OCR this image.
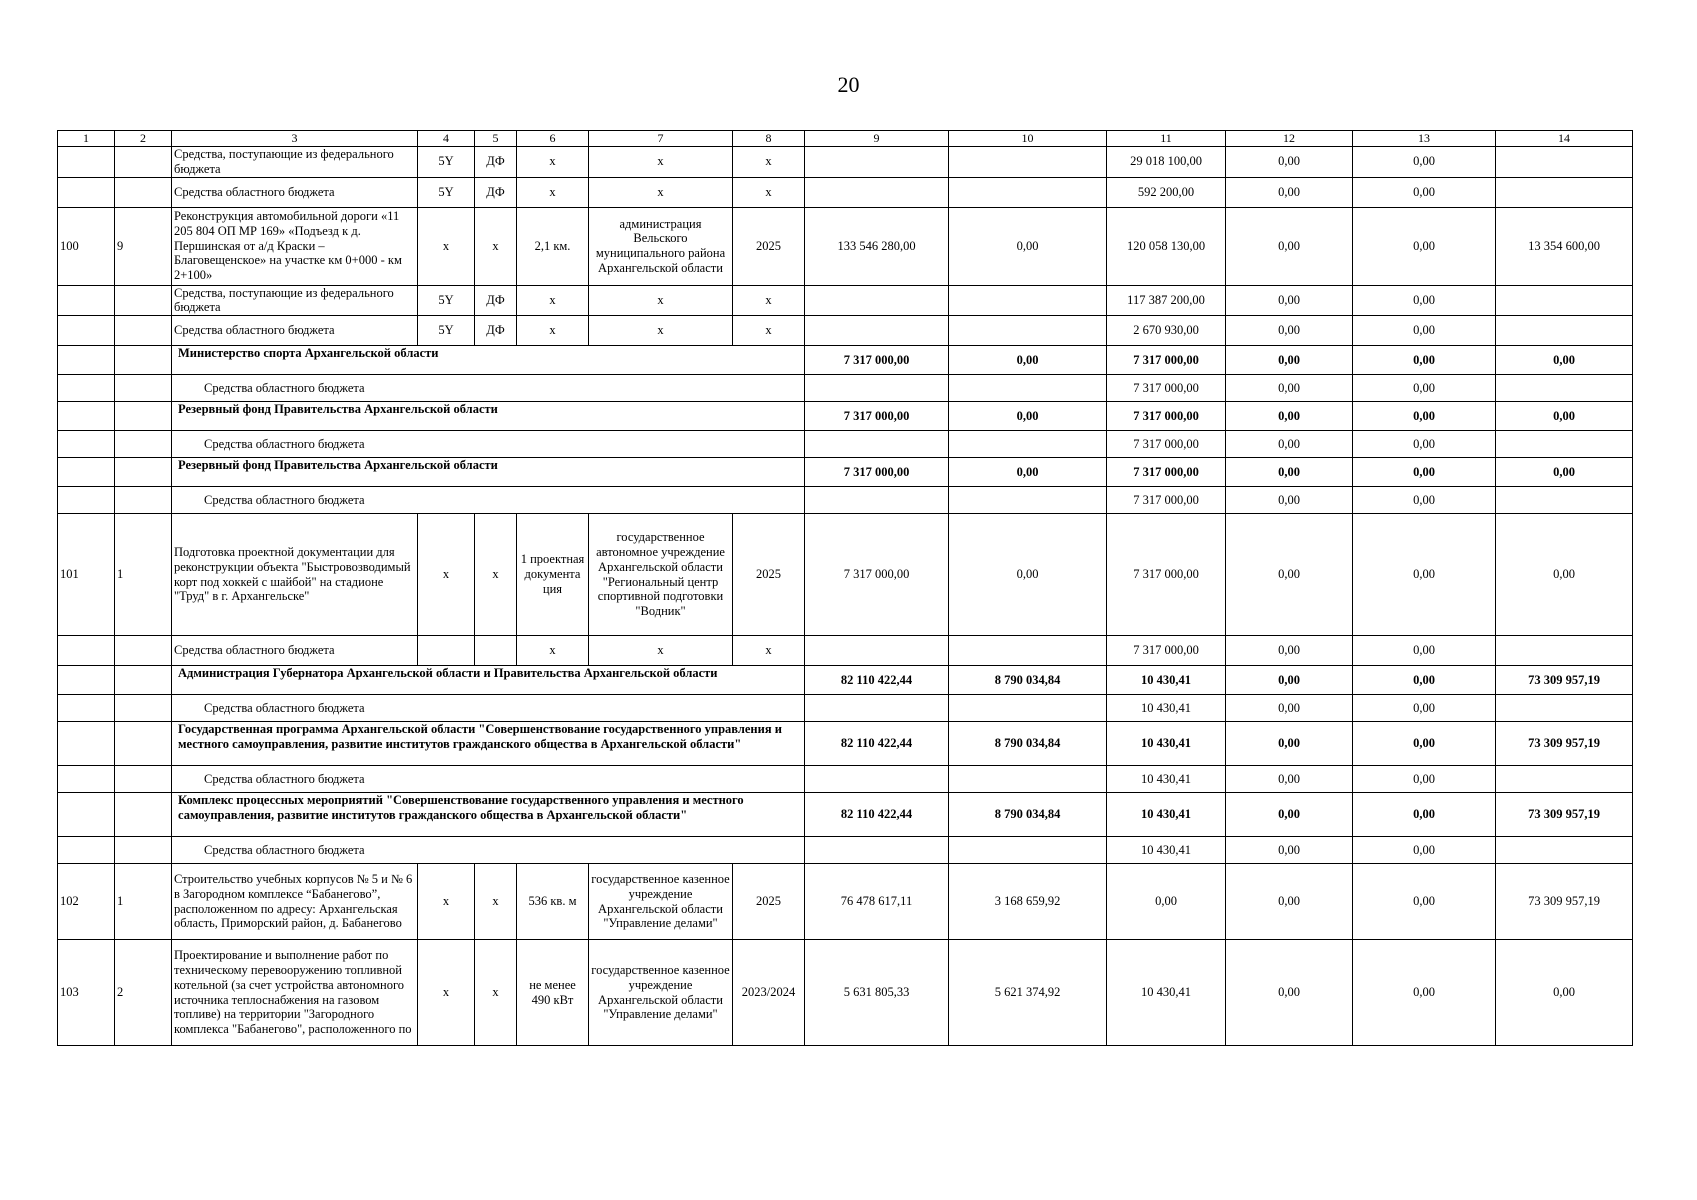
20
1	2	3	4	5	6	7	8	9	10	11	12	13	14
		Средства, поступающие из федерального бюджета	5Y	ДФ	x	x	x			29 018 100,00	0,00	0,00	
		Средства областного бюджета	5Y	ДФ	x	x	x			592 200,00	0,00	0,00	
100	9	Реконструкция автомобильной дороги «11 205 804 ОП МР 169» «Подъезд к д. Першинская от а/д Краски – Благовещенское» на участке км 0+000 - км 2+100»	x	x	2,1 км.	администрация Вельского муниципального района Архангельской области	2025	133 546 280,00	0,00	120 058 130,00	0,00	0,00	13 354 600,00
		Средства, поступающие из федерального бюджета	5Y	ДФ	x	x	x			117 387 200,00	0,00	0,00	
		Средства областного бюджета	5Y	ДФ	x	x	x			2 670 930,00	0,00	0,00	
		Министерство спорта Архангельской области						7 317 000,00	0,00	7 317 000,00	0,00	0,00	0,00
		Средства областного бюджета								7 317 000,00	0,00	0,00	
		Резервный фонд Правительства Архангельской области						7 317 000,00	0,00	7 317 000,00	0,00	0,00	0,00
		Средства областного бюджета								7 317 000,00	0,00	0,00	
		Резервный фонд Правительства Архангельской области						7 317 000,00	0,00	7 317 000,00	0,00	0,00	0,00
		Средства областного бюджета								7 317 000,00	0,00	0,00	
101	1	Подготовка проектной документации для реконструкции объекта "Быстровозводимый корт под хоккей с шайбой" на стадионе "Труд" в г. Архангельске"	x	x	1 проектная документа ция	государственное автономное учреждение Архангельской области "Региональный центр спортивной подготовки "Водник"	2025	7 317 000,00	0,00	7 317 000,00	0,00	0,00	0,00
		Средства областного бюджета			x	x	x			7 317 000,00	0,00	0,00	
		Администрация Губернатора Архангельской области и Правительства Архангельской области						82 110 422,44	8 790 034,84	10 430,41	0,00	0,00	73 309 957,19
		Средства областного бюджета								10 430,41	0,00	0,00	
		Государственная программа Архангельской области "Совершенствование государственного управления и местного самоуправления, развитие институтов гражданского общества в Архангельской области"						82 110 422,44	8 790 034,84	10 430,41	0,00	0,00	73 309 957,19
		Средства областного бюджета								10 430,41	0,00	0,00	
		Комплекс процессных мероприятий "Совершенствование государственного управления и местного самоуправления, развитие институтов гражданского общества в Архангельской области"						82 110 422,44	8 790 034,84	10 430,41	0,00	0,00	73 309 957,19
		Средства областного бюджета								10 430,41	0,00	0,00	
102	1	Строительство учебных корпусов № 5 и № 6 в Загородном комплексе “Бабанегово”, расположенном по адресу: Архангельская область, Приморский район, д. Бабанегово	x	x	536 кв. м	государственное казенное учреждение Архангельской области "Управление делами"	2025	76 478 617,11	3 168 659,92	0,00	0,00	0,00	73 309 957,19
103	2	Проектирование и выполнение работ по техническому перевооружению топливной котельной (за счет устройства автономного источника теплоснабжения на газовом топливе) на территории "Загородного комплекса "Бабанегово", расположенного по	x	x	не менее 490 кВт	государственное казенное учреждение Архангельской области "Управление делами"	2023/2024	5 631 805,33	5 621 374,92	10 430,41	0,00	0,00	0,00
